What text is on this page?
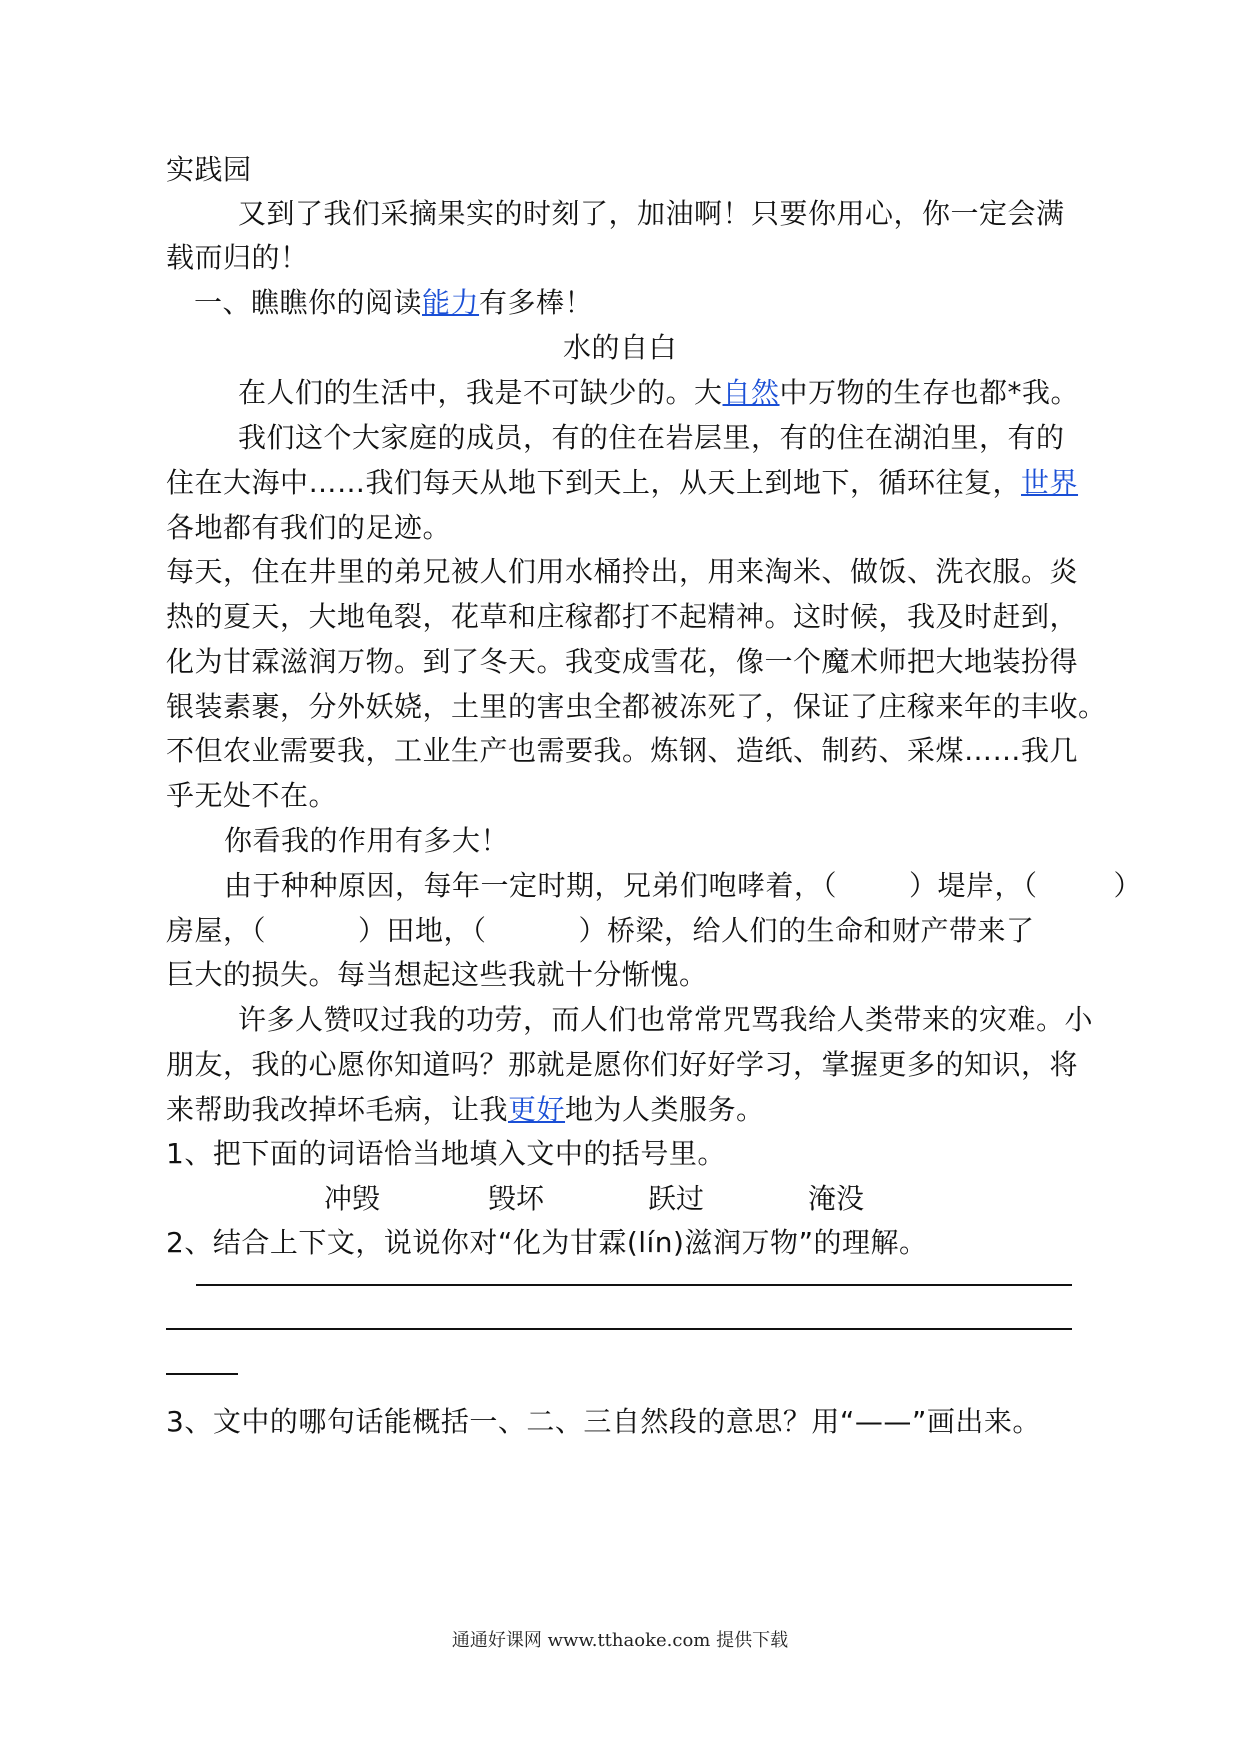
实践园
又到了我们采摘果实的时刻了，加油啊！只要你用心，你一定会满
载而归的！
一、瞧瞧你的阅读能力有多棒！
水的自白
在人们的生活中，我是不可缺少的。大自然中万物的生存也都*我。
我们这个大家庭的成员，有的住在岩层里，有的住在湖泊里，有的
住在大海中……我们每天从地下到天上，从天上到地下，循环往复，世界
各地都有我们的足迹。
每天，住在井里的弟兄被人们用水桶拎出，用来淘米、做饭、洗衣服。炎
热的夏天，大地龟裂，花草和庄稼都打不起精神。这时候，我及时赶到，
化为甘霖滋润万物。到了冬天。我变成雪花，像一个魔术师把大地装扮得
银装素裹，分外妖娆，土里的害虫全都被冻死了，保证了庄稼来年的丰收。
不但农业需要我，工业生产也需要我。炼钢、造纸、制药、采煤……我几
乎无处不在。
你看我的作用有多大！
由于种种原因，每年一定时期，兄弟们咆哮着，（	）堤岸，（	）
房屋，（	）田地，（	）桥梁，给人们的生命和财产带来了
巨大的损失。每当想起这些我就十分惭愧。
许多人赞叹过我的功劳，而人们也常常咒骂我给人类带来的灾难。小
朋友，我的心愿你知道吗？那就是愿你们好好学习，掌握更多的知识，将
来帮助我改掉坏毛病，让我更好地为人类服务。
1、把下面的词语恰当地填入文中的括号里。
冲毁	毁坏	跃过	淹没
2、结合上下文，说说你对“化为甘霖(lín)滋润万物”的理解。
3、文中的哪句话能概括一、二、三自然段的意思？用“——”画出来。
通通好课网 www.tthaoke.com 提供下载
